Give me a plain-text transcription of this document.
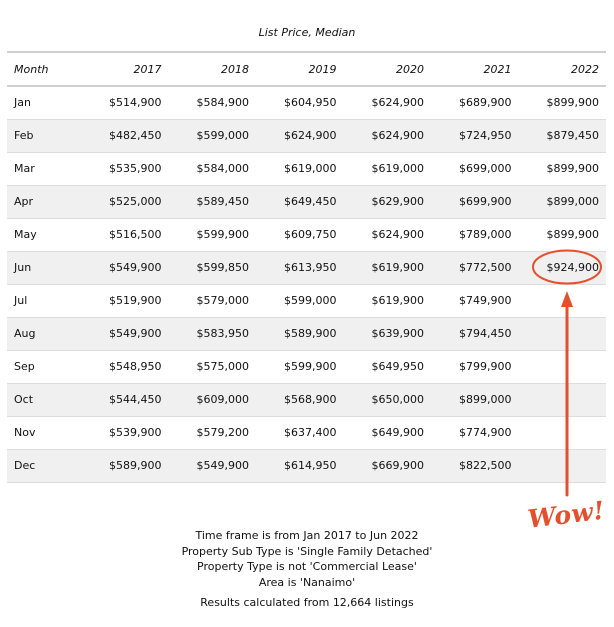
List Price, Median
Month	2017	2018	2019	2020	2021	2022
Jan	$514,900	$584,900	$604,950	$624,900	$689,900	$899,900
Feb	$482,450	$599,000	$624,900	$624,900	$724,950	$879,450
Mar	$535,900	$584,000	$619,000	$619,000	$699,000	$899,900
Apr	$525,000	$589,450	$649,450	$629,900	$699,900	$899,000
May	$516,500	$599,900	$609,750	$624,900	$789,000	$899,900
Jun	$549,900	$599,850	$613,950	$619,900	$772,500	$924,900
Jul	$519,900	$579,000	$599,000	$619,900	$749,900	
Aug	$549,900	$583,950	$589,900	$639,900	$794,450	
Sep	$548,950	$575,000	$599,900	$649,950	$799,900	
Oct	$544,450	$609,000	$568,900	$650,000	$899,000	
Nov	$539,900	$579,200	$637,400	$649,900	$774,900	
Dec	$589,900	$549,900	$614,950	$669,900	$822,500	
Time frame is from Jan 2017 to Jun 2022
Property Sub Type is 'Single Family Detached'
Property Type is not 'Commercial Lease'
Area is 'Nanaimo'
Results calculated from 12,664 listings
Wow!
